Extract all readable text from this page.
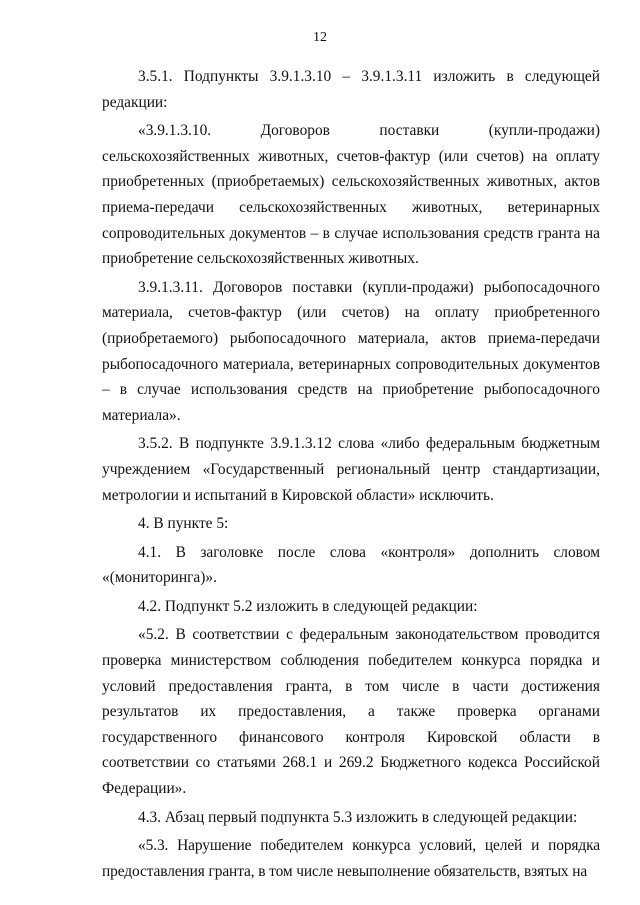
12

3.5.1. Подпункты 3.9.1.3.10 – 3.9.1.3.11 изложить в следующей редакции:

«3.9.1.3.10. Договоров поставки (купли-продажи) сельскохозяйственных животных, счетов-фактур (или счетов) на оплату приобретенных (приобретаемых) сельскохозяйственных животных, актов приема-передачи сельскохозяйственных животных, ветеринарных сопроводительных документов – в случае использования средств гранта на приобретение сельскохозяйственных животных.

3.9.1.3.11. Договоров поставки (купли-продажи) рыбопосадочного материала, счетов-фактур (или счетов) на оплату приобретенного (приобретаемого) рыбопосадочного материала, актов приема-передачи рыбопосадочного материала, ветеринарных сопроводительных документов – в случае использования средств на приобретение рыбопосадочного материала».

3.5.2. В подпункте 3.9.1.3.12 слова «либо федеральным бюджетным учреждением «Государственный региональный центр стандартизации, метрологии и испытаний в Кировской области» исключить.

4. В пункте 5:

4.1. В заголовке после слова «контроля» дополнить словом «(мониторинга)».

4.2. Подпункт 5.2 изложить в следующей редакции:

«5.2. В соответствии с федеральным законодательством проводится проверка министерством соблюдения победителем конкурса порядка и условий предоставления гранта, в том числе в части достижения результатов их предоставления, а также проверка органами государственного финансового контроля Кировской области в соответствии со статьями 268.1 и 269.2 Бюджетного кодекса Российской Федерации».

4.3. Абзац первый подпункта 5.3 изложить в следующей редакции:

«5.3. Нарушение победителем конкурса условий, целей и порядка предоставления гранта, в том числе невыполнение обязательств, взятых на
